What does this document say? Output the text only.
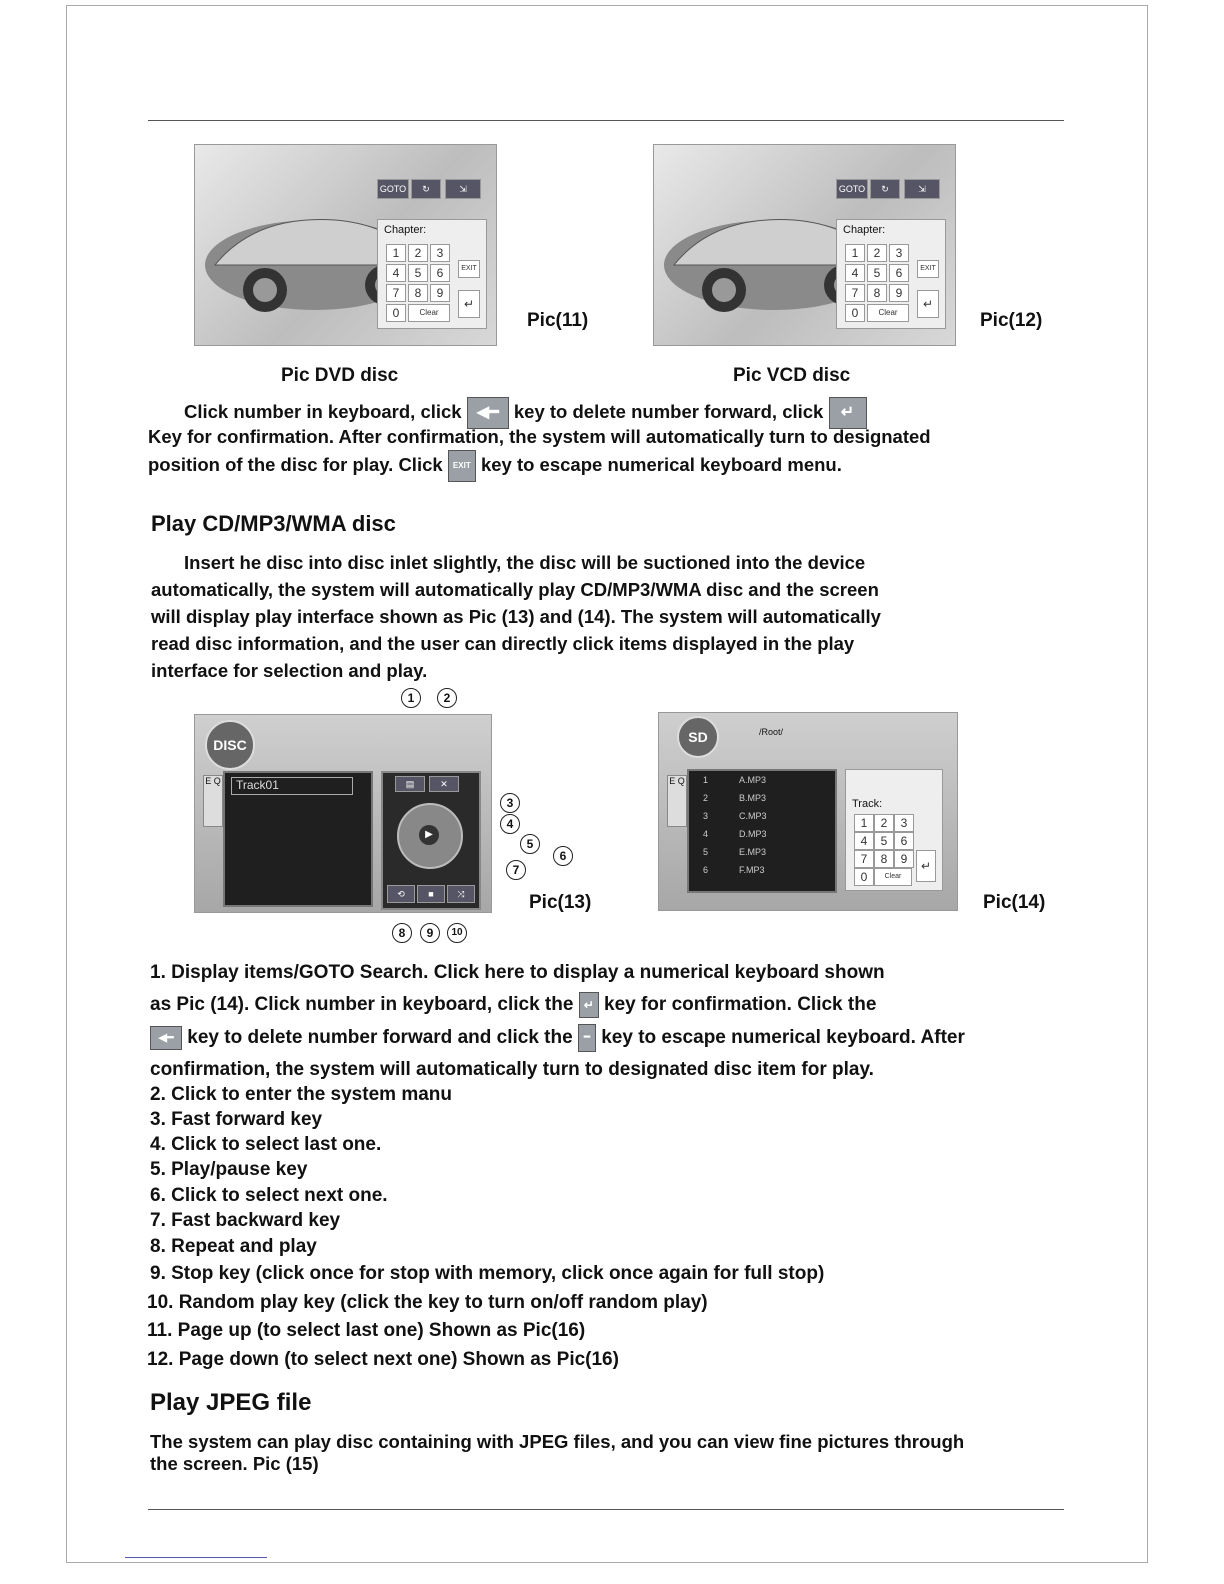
GOTO	↻	⇲
Chapter:
1	2	3
4	5	6
7	8	9
0	Clear
EXIT
↵
Pic(11)
GOTO	↻	⇲
Chapter:
1	2	3
4	5	6
7	8	9
0	Clear
EXIT
↵
Pic(12)
Pic DVD disc	Pic VCD disc
Click number in keyboard, click ◀━ key to delete number forward, click ↵
Key for confirmation. After confirmation, the system will automatically turn to designated
position of the disc for play. Click EXIT key to escape numerical keyboard menu.
Play CD/MP3/WMA disc
Insert he disc into disc inlet slightly, the disc will be suctioned into the device
automatically, the system will automatically play CD/MP3/WMA disc and the screen
will display play interface shown as Pic (13) and (14). The system will automatically
read disc information, and the user can directly click items displayed in the play
interface for selection and play.
DISC
E Q	Track01	▤	✕
▶
⟲	■	⤨
1	2
3
4
5
6
7
8	9	10
Pic(13)
SD	/Root/
E Q 1	A.MP3
2	B.MP3
3	C.MP3
4	D.MP3
5	E.MP3
6	F.MP3
Track:
1	2	3
4	5	6
7	8	9
0	Clear
↵
Pic(14)
1. Display items/GOTO Search. Click here to display a numerical keyboard shown
as Pic (14). Click number in keyboard, click the ↵ key for confirmation. Click the
◀━ key to delete number forward and click the ━ key to escape numerical keyboard. After
confirmation, the system will automatically turn to designated disc item for play.
2. Click to enter the system manu
3. Fast forward key
4. Click to select last one.
5. Play/pause key
6. Click to select next one.
7. Fast backward key
8. Repeat and play
9. Stop key (click once for stop with memory, click once again for full stop)
10. Random play key (click the key to turn on/off random play)
11. Page up (to select last one) Shown as Pic(16)
12. Page down (to select next one) Shown as Pic(16)
Play JPEG file
The system can play disc containing with JPEG files, and you can view fine pictures through
the screen. Pic (15)
